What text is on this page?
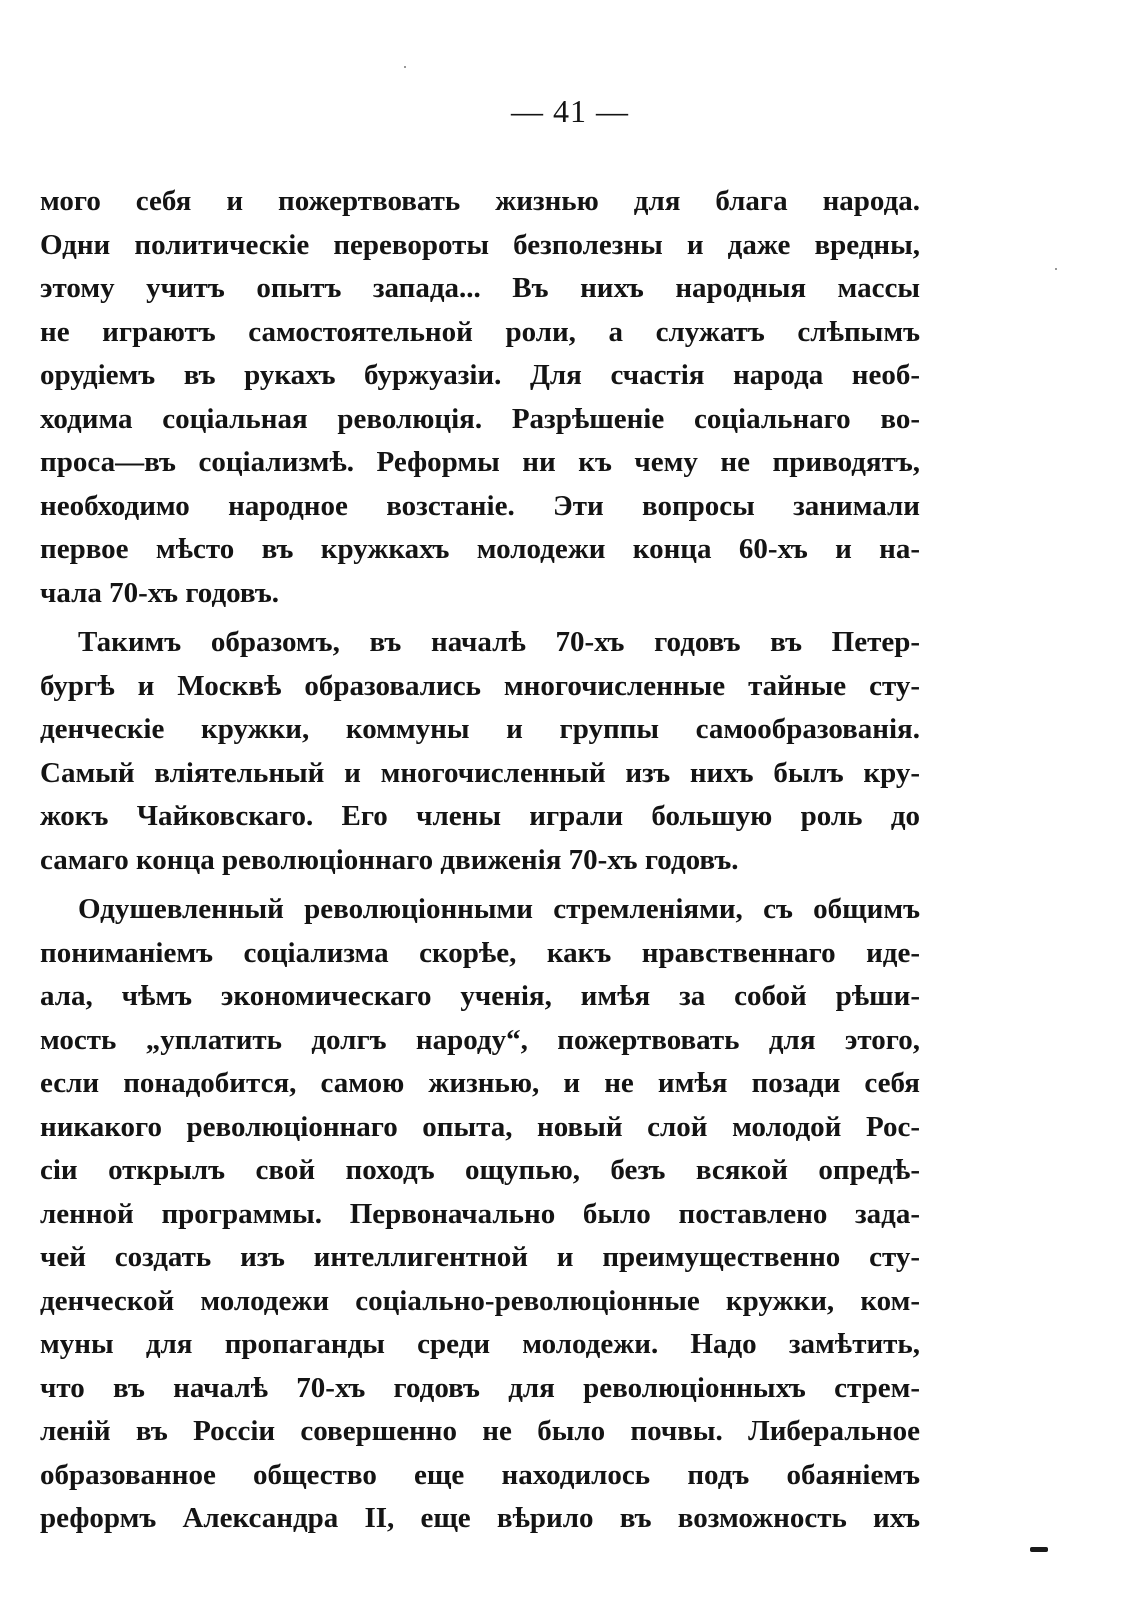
— 41 —
мого себя и пожертвовать жизнью для блага народа.
Одни политическіе перевороты безполезны и даже вредны,
этому учитъ опытъ запада... Въ нихъ народныя массы
не играютъ самостоятельной роли, а служатъ слѣпымъ
орудіемъ въ рукахъ буржуазіи. Для счастія народа необ-
ходима соціальная революція. Разрѣшеніе соціальнаго во-
проса—въ соціализмѣ. Реформы ни къ чему не приводятъ,
необходимо народное возстаніе. Эти вопросы занимали
первое мѣсто въ кружкахъ молодежи конца 60-хъ и на-
чала 70-хъ годовъ.
Такимъ образомъ, въ началѣ 70-хъ годовъ въ Петер-
бургѣ и Москвѣ образовались многочисленные тайные сту-
денческіе кружки, коммуны и группы самообразованія.
Самый вліятельный и многочисленный изъ нихъ былъ кру-
жокъ Чайковскаго. Его члены играли большую роль до
самаго конца революціоннаго движенія 70-хъ годовъ.
Одушевленный революціонными стремленіями, съ общимъ
пониманіемъ соціализма скорѣе, какъ нравственнаго иде-
ала, чѣмъ экономическаго ученія, имѣя за собой рѣши-
мость „уплатить долгъ народу“, пожертвовать для этого,
если понадобится, самою жизнью, и не имѣя позади себя
никакого революціоннаго опыта, новый слой молодой Рос-
сіи открылъ свой походъ ощупью, безъ всякой опредѣ-
ленной программы. Первоначально было поставлено зада-
чей создать изъ интеллигентной и преимущественно сту-
денческой молодежи соціально-революціонные кружки, ком-
муны для пропаганды среди молодежи. Надо замѣтить,
что въ началѣ 70-хъ годовъ для революціонныхъ стрем-
леній въ Россіи совершенно не было почвы. Либеральное
образованное общество еще находилось подъ обаяніемъ
реформъ Александра II, еще вѣрило въ возможность ихъ
